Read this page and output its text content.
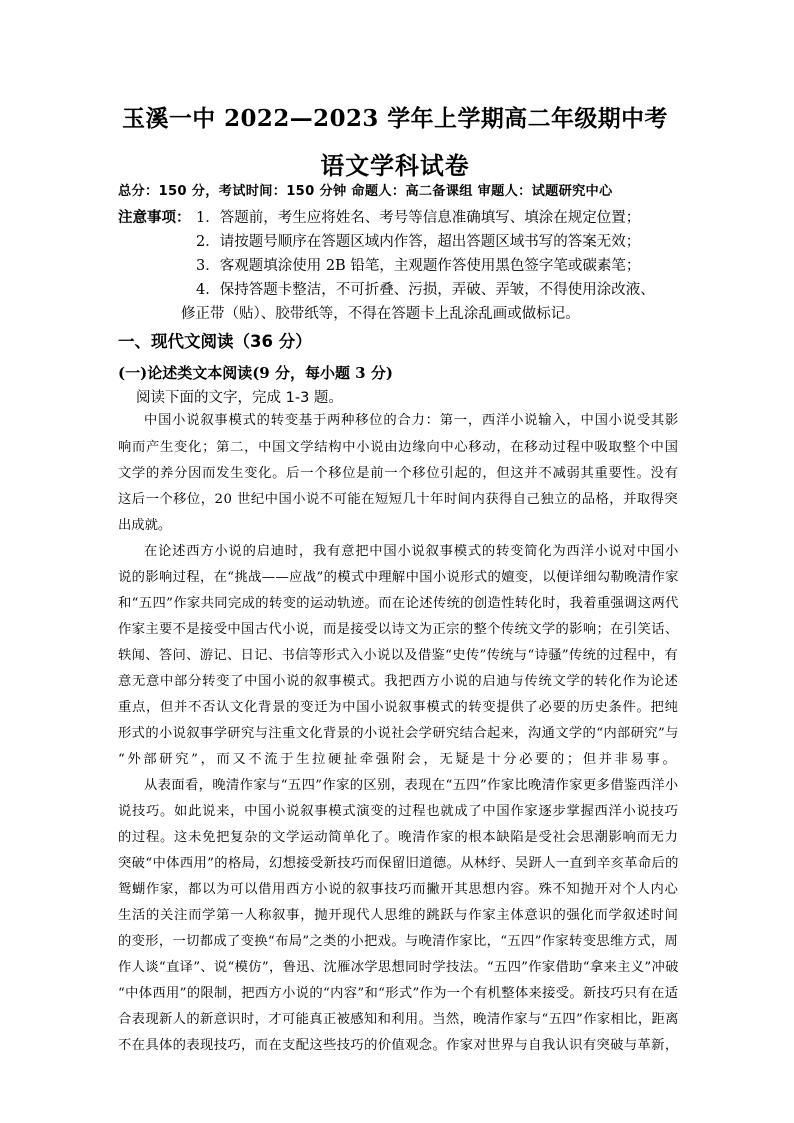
玉溪一中 2022—2023 学年上学期高二年级期中考
语文学科试卷
总分：150 分，考试时间：150 分钟 命题人：高二备课组 审题人：试题研究中心
注意事项： 1．答题前，考生应将姓名、考号等信息准确填写、填涂在规定位置；
2．请按题号顺序在答题区域内作答，超出答题区域书写的答案无效；
3．客观题填涂使用 2B 铅笔，主观题作答使用黑色签字笔或碳素笔；
4．保持答题卡整洁，不可折叠、污损，弄破、弄皱，不得使用涂改液、
修正带（贴）、胶带纸等，不得在答题卡上乱涂乱画或做标记。
一、现代文阅读（36 分）
(一)论述类文本阅读(9 分，每小题 3 分)
阅读下面的文字，完成 1-3 题。
中国小说叙事模式的转变基于两种移位的合力：第一，西洋小说输入，中国小说受其影
响而产生变化；第二，中国文学结构中小说由边缘向中心移动，在移动过程中吸取整个中国
文学的养分因而发生变化。后一个移位是前一个移位引起的，但这并不减弱其重要性。没有
这后一个移位，20 世纪中国小说不可能在短短几十年时间内获得自己独立的品格，并取得突
出成就。
在论述西方小说的启迪时，我有意把中国小说叙事模式的转变简化为西洋小说对中国小
说的影响过程，在“挑战——应战”的模式中理解中国小说形式的嬗变，以便详细勾勒晚清作家
和“五四”作家共同完成的转变的运动轨迹。而在论述传统的创造性转化时，我着重强调这两代
作家主要不是接受中国古代小说，而是接受以诗文为正宗的整个传统文学的影响；在引笑话、
轶闻、答问、游记、日记、书信等形式入小说以及借鉴“史传”传统与“诗骚”传统的过程中，有
意无意中部分转变了中国小说的叙事模式。我把西方小说的启迪与传统文学的转化作为论述
重点，但并不否认文化背景的变迁为中国小说叙事模式的转变提供了必要的历史条件。把纯
形式的小说叙事学研究与注重文化背景的小说社会学研究结合起来，沟通文学的“内部研究”与
“外部研究”，而又不流于生拉硬扯牵强附会，无疑是十分必要的；但并非易事。
从表面看，晚清作家与“五四”作家的区别，表现在“五四”作家比晚清作家更多借鉴西洋小
说技巧。如此说来，中国小说叙事模式演变的过程也就成了中国作家逐步掌握西洋小说技巧
的过程。这未免把复杂的文学运动简单化了。晚清作家的根本缺陷是受社会思潮影响而无力
突破“中体西用”的格局，幻想接受新技巧而保留旧道德。从林纾、吴趼人一直到辛亥革命后的
鸳蝴作家，都以为可以借用西方小说的叙事技巧而撇开其思想内容。殊不知抛开对个人内心
生活的关注而学第一人称叙事，抛开现代人思维的跳跃与作家主体意识的强化而学叙述时间
的变形，一切都成了变换“布局”之类的小把戏。与晚清作家比，“五四”作家转变思维方式，周
作人谈“直译”、说“模仿”，鲁迅、沈雁冰学思想同时学技法。“五四”作家借助“拿来主义”冲破
“中体西用”的限制，把西方小说的“内容”和“形式”作为一个有机整体来接受。新技巧只有在适
合表现新人的新意识时，才可能真正被感知和利用。当然，晚清作家与“五四”作家相比，距离
不在具体的表现技巧，而在支配这些技巧的价值观念。作家对世界与自我认识有突破与革新，
